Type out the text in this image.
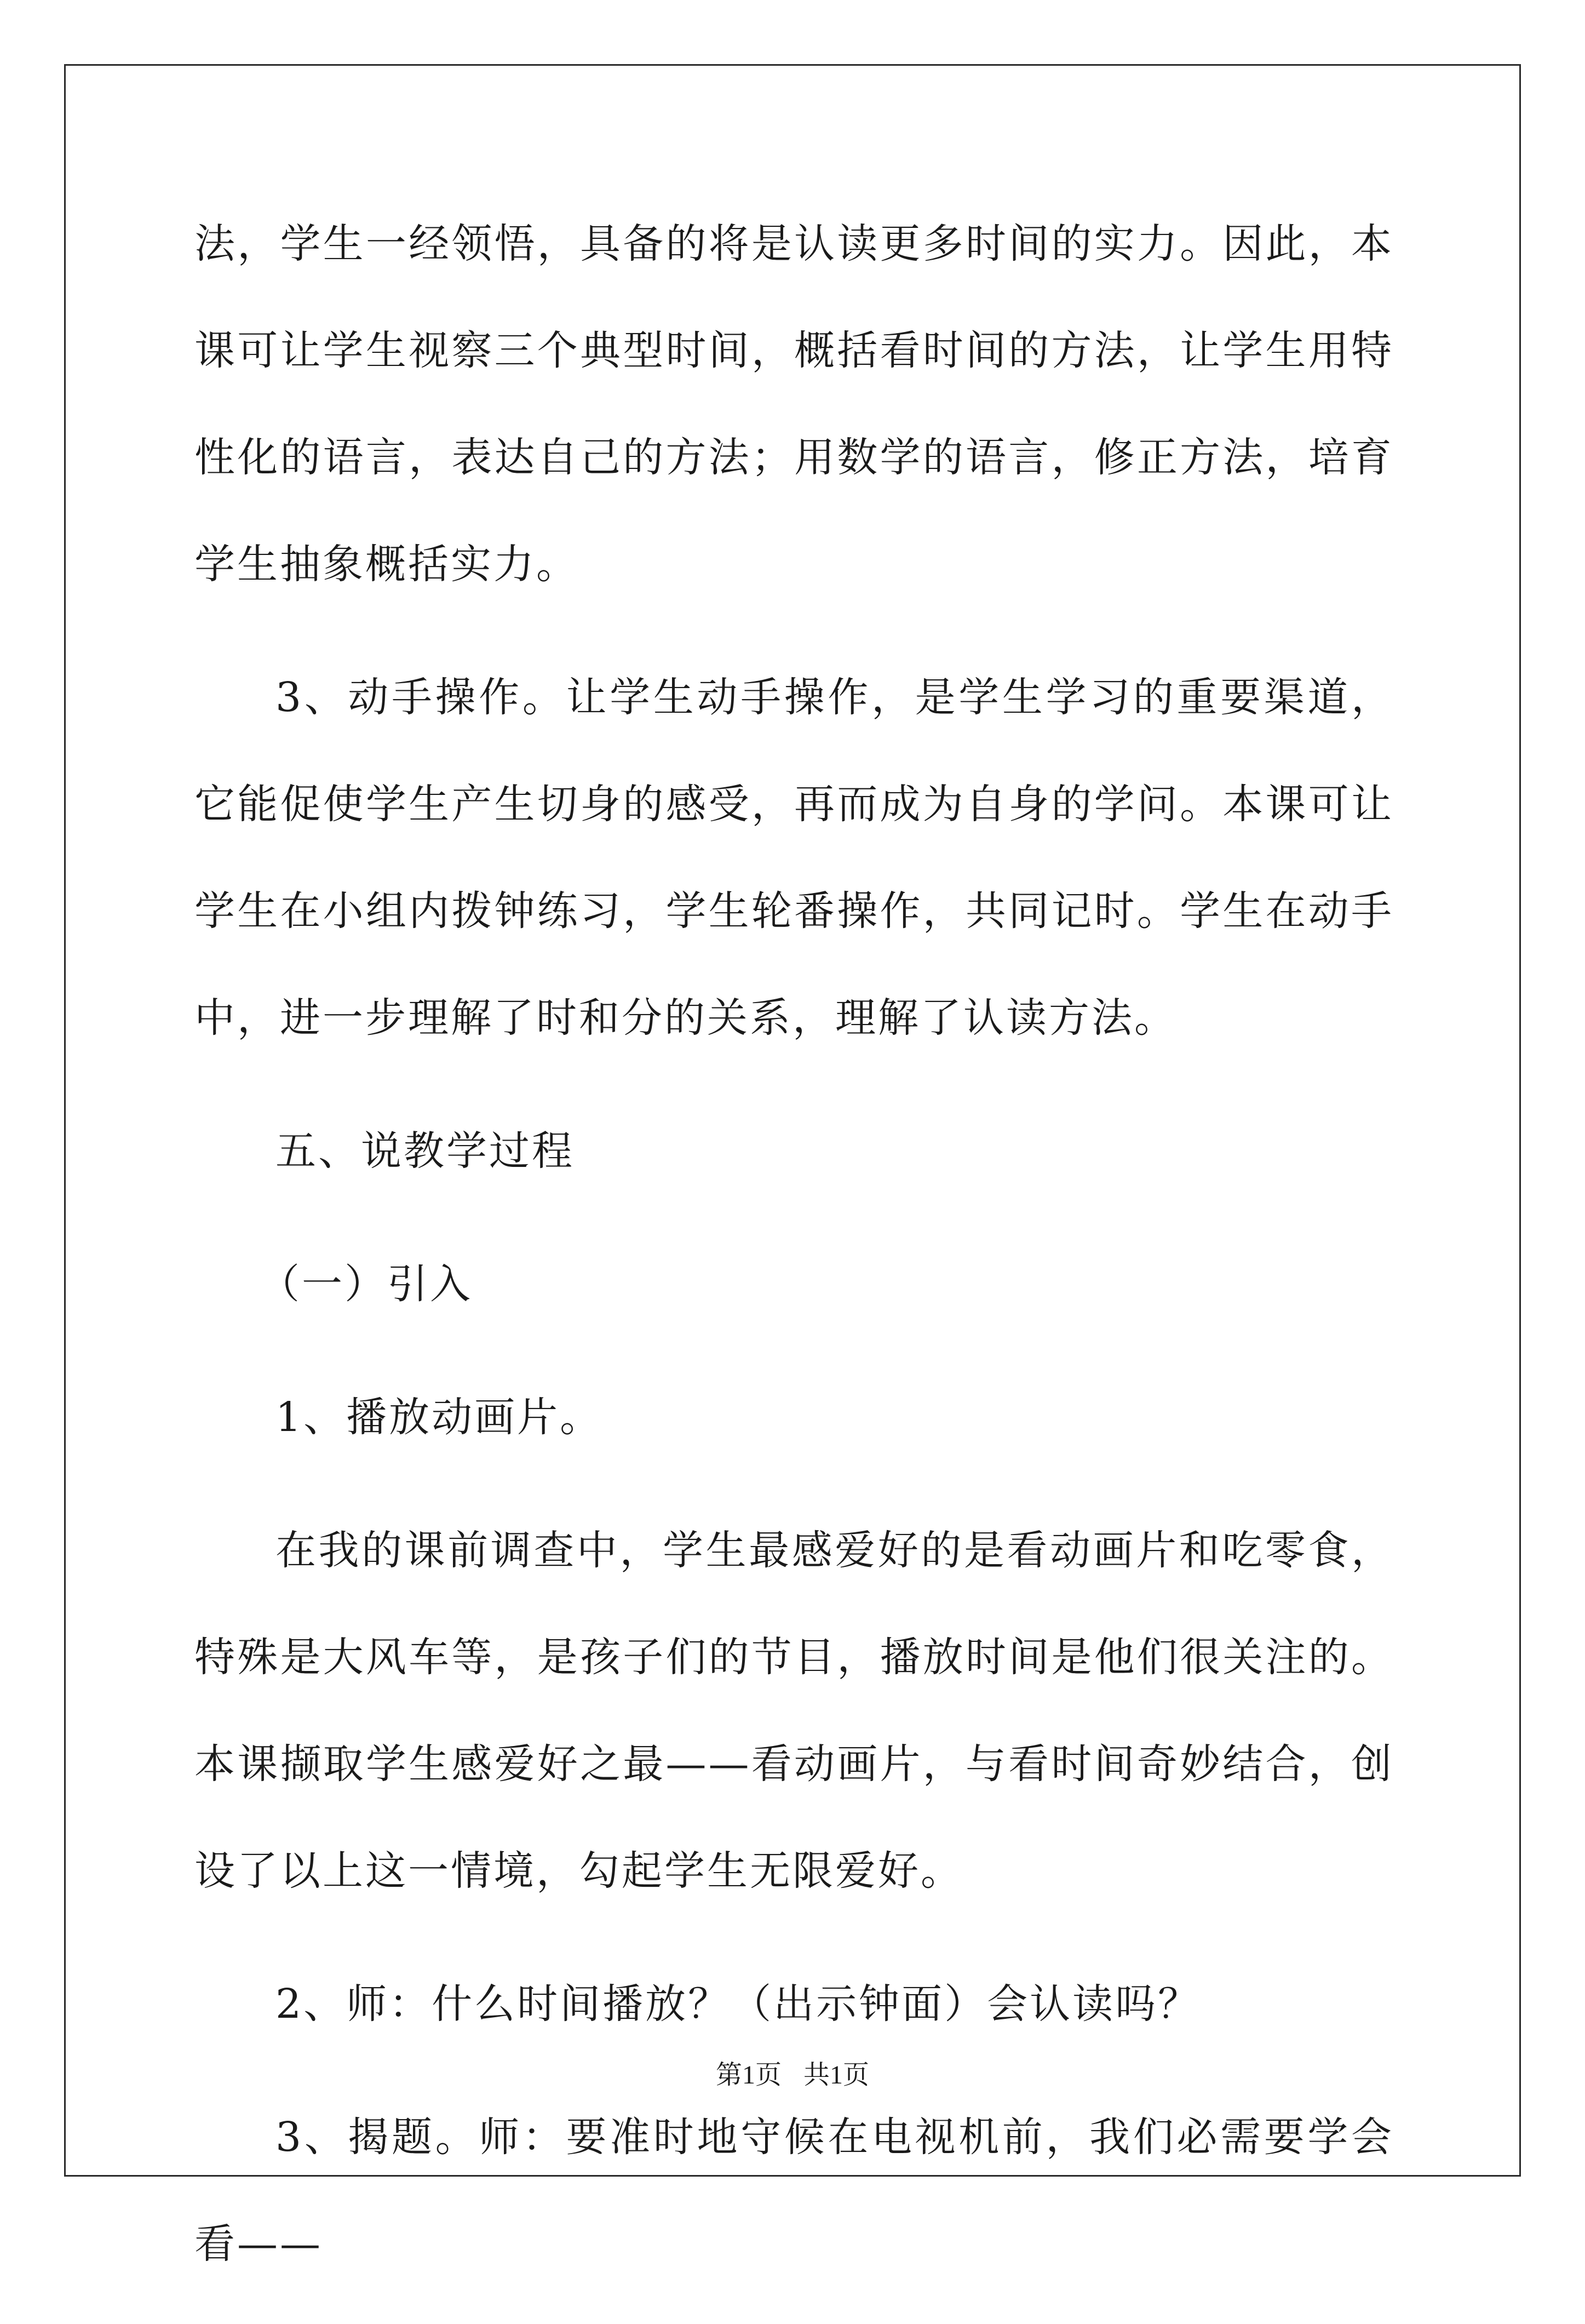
法，学生一经领悟，具备的将是认读更多时间的实力。因此，本课可让学生视察三个典型时间，概括看时间的方法，让学生用特性化的语言，表达自己的方法；用数学的语言，修正方法，培育学生抽象概括实力。

3、动手操作。让学生动手操作，是学生学习的重要渠道，它能促使学生产生切身的感受，再而成为自身的学问。本课可让学生在小组内拨钟练习，学生轮番操作，共同记时。学生在动手中，进一步理解了时和分的关系，理解了认读方法。

五、说教学过程

（一）引入

1、播放动画片。

在我的课前调查中，学生最感爱好的是看动画片和吃零食，特殊是大风车等，是孩子们的节目，播放时间是他们很关注的。本课撷取学生感爱好之最——看动画片，与看时间奇妙结合，创设了以上这一情境，勾起学生无限爱好。

2、师：什么时间播放？（出示钟面）会认读吗？

3、揭题。师：要准时地守候在电视机前，我们必需要学会看——

第1页 共1页
